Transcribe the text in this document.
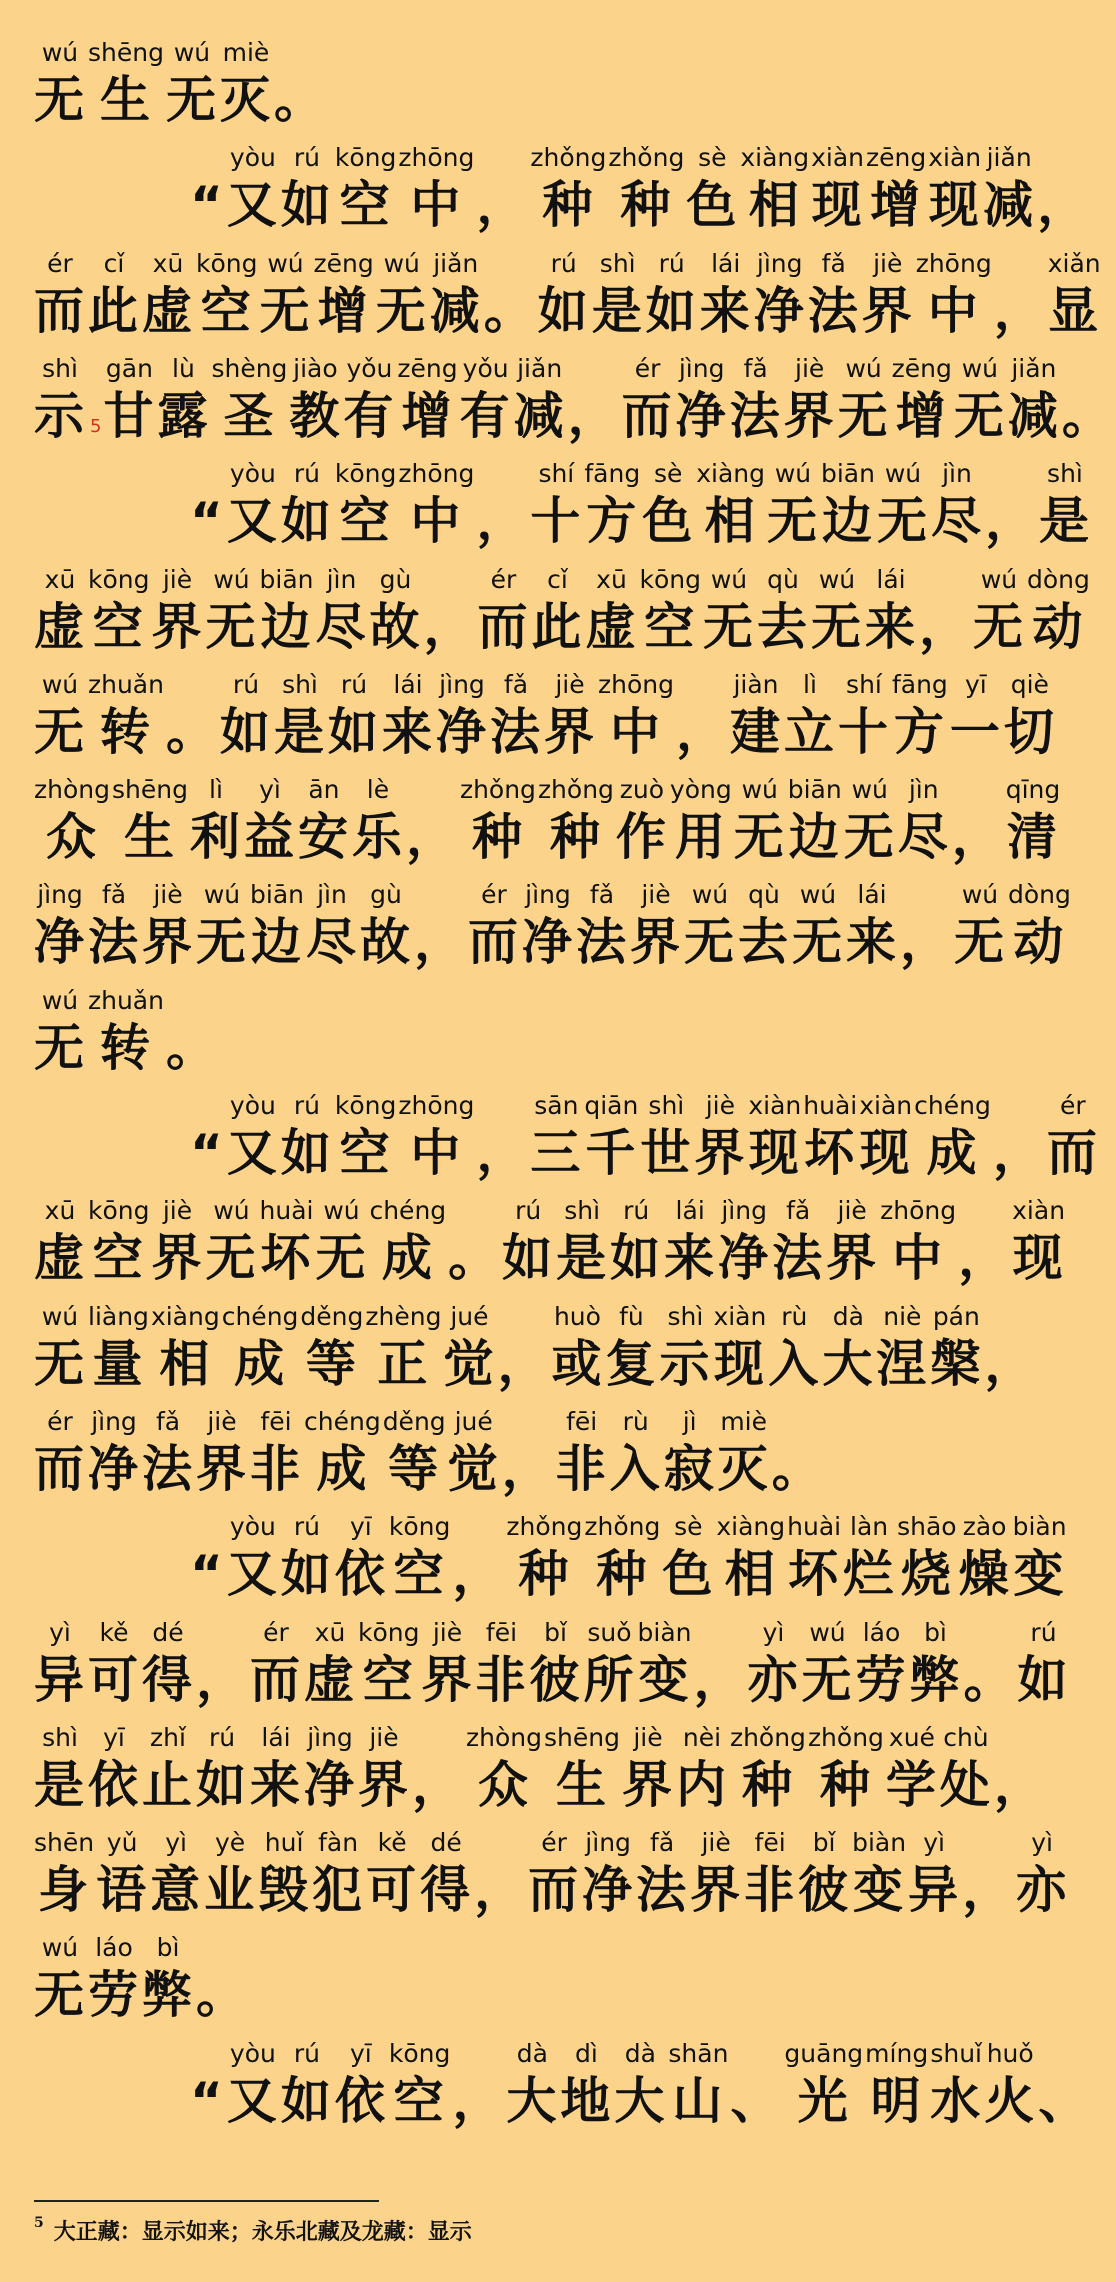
无wú
生shēng
无wú
灭miè
。
“ 又yòu
如rú
空kōng
中zhōng
， 种zhǒng
种zhǒng
色sè
相xiàng
现xiàn
增zēng
现xiàn
减jiǎn
，
而ér
此cǐ
虚xū
空kōng
无wú
增zēng
无wú
减jiǎn
。 如rú
是shì
如rú
来lái
净jìng
法fǎ
界jiè
中zhōng
， 显xiǎn
示shì
5 甘gān
露lù
圣shèng
教jiào
有yǒu
增zēng
有yǒu
减jiǎn
， 而ér
净jìng
法fǎ
界jiè
无wú
增zēng
无wú
减jiǎn
。
“ 又yòu
如rú
空kōng
中zhōng
， 十shí
方fāng
色sè
相xiàng
无wú
边biān
无wú
尽jìn
， 是shì
虚xū
空kōng
界jiè
无wú
边biān
尽jìn
故gù
， 而ér
此cǐ
虚xū
空kōng
无wú
去qù
无wú
来lái
， 无wú
动dòng
无wú
转zhuǎn
。 如rú
是shì
如rú
来lái
净jìng
法fǎ
界jiè
中zhōng
， 建jiàn
立lì
十shí
方fāng
一yī
切qiè
众zhòng
生shēng
利lì
益yì
安ān
乐lè
， 种zhǒng
种zhǒng
作zuò
用yòng
无wú
边biān
无wú
尽jìn
， 清qīng
净jìng
法fǎ
界jiè
无wú
边biān
尽jìn
故gù
， 而ér
净jìng
法fǎ
界jiè
无wú
去qù
无wú
来lái
， 无wú
动dòng
无wú
转zhuǎn
。
“ 又yòu
如rú
空kōng
中zhōng
， 三sān
千qiān
世shì
界jiè
现xiàn
坏huài
现xiàn
成chéng
， 而ér
虚xū
空kōng
界jiè
无wú
坏huài
无wú
成chéng
。 如rú
是shì
如rú
来lái
净jìng
法fǎ
界jiè
中zhōng
， 现xiàn
无wú
量liàng
相xiàng
成chéng
等děng
正zhèng
觉jué
， 或huò
复fù
示shì
现xiàn
入rù
大dà
涅niè
槃pán
，
而ér
净jìng
法fǎ
界jiè
非fēi
成chéng
等děng
觉jué
， 非fēi
入rù
寂jì
灭miè
。
“ 又yòu
如rú
依yī
空kōng
， 种zhǒng
种zhǒng
色sè
相xiàng
坏huài
烂làn
烧shāo
燥zào
变biàn
异yì
可kě
得dé
， 而ér
虚xū
空kōng
界jiè
非fēi
彼bǐ
所suǒ
变biàn
， 亦yì
无wú
劳láo
弊bì
。 如rú
是shì
依yī
止zhǐ
如rú
来lái
净jìng
界jiè
， 众zhòng
生shēng
界jiè
内nèi
种zhǒng
种zhǒng
学xué
处chù
，
身shēn
语yǔ
意yì
业yè
毁huǐ
犯fàn
可kě
得dé
， 而ér
净jìng
法fǎ
界jiè
非fēi
彼bǐ
变biàn
异yì
， 亦yì
无wú
劳láo
弊bì
。
“ 又yòu
如rú
依yī
空kōng
， 大dà
地dì
大dà
山shān
、 光guāng
明míng
水shuǐ
火huǒ
、
$^5$ 大正藏：显示如来；永乐北藏及龙藏：显示
